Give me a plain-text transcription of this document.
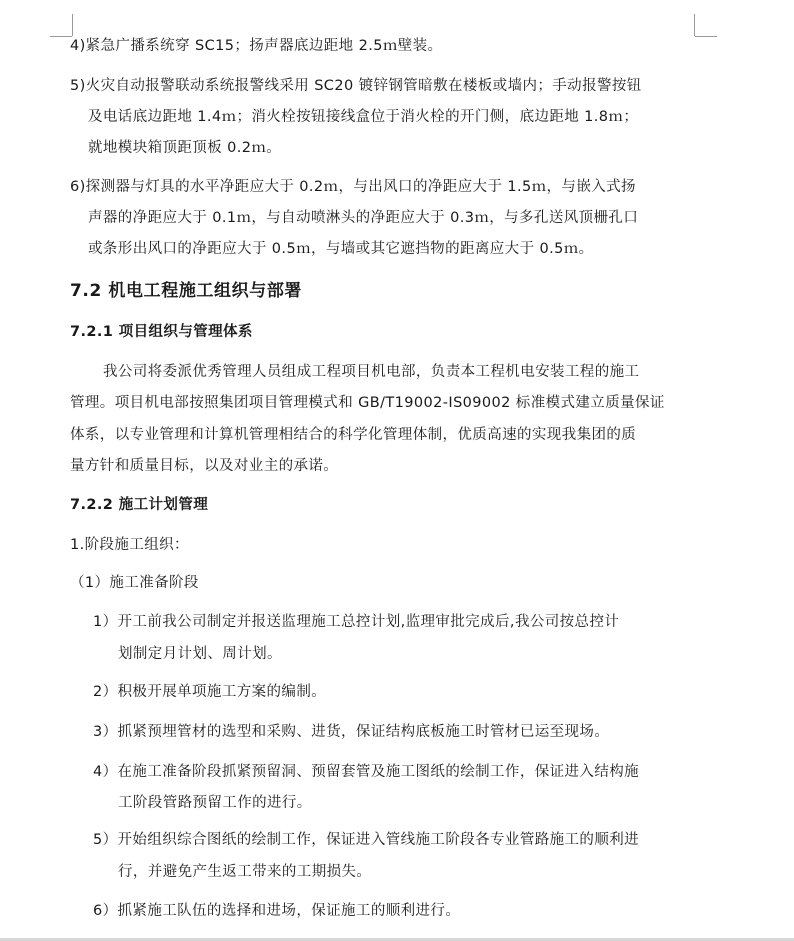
4)紧急广播系统穿 SC15；扬声器底边距地 2.5ｍ壁装。
5)火灾自动报警联动系统报警线采用 SC20 镀锌钢管暗敷在楼板或墙内；手动报警按钮
及电话底边距地 1.4ｍ；消火栓按钮接线盒位于消火栓的开门侧，底边距地 1.8ｍ；
就地模块箱顶距顶板 0.2ｍ。
6)探测器与灯具的水平净距应大于 0.2ｍ，与出风口的净距应大于 1.5ｍ，与嵌入式扬
声器的净距应大于 0.1ｍ，与自动喷淋头的净距应大于 0.3ｍ，与多孔送风顶栅孔口
或条形出风口的净距应大于 0.5ｍ，与墙或其它遮挡物的距离应大于 0.5ｍ。
7.2 机电工程施工组织与部署
7.2.1 项目组织与管理体系
我公司将委派优秀管理人员组成工程项目机电部，负责本工程机电安装工程的施工
管理。项目机电部按照集团项目管理模式和 GB/T19002-IS09002 标准模式建立质量保证
体系，以专业管理和计算机管理相结合的科学化管理体制，优质高速的实现我集团的质
量方针和质量目标，以及对业主的承诺。
7.2.2 施工计划管理
1.阶段施工组织：
（1）施工准备阶段
1）开工前我公司制定并报送监理施工总控计划,监理审批完成后,我公司按总控计
划制定月计划、周计划。
2）积极开展单项施工方案的编制。
3）抓紧预埋管材的选型和采购、进货，保证结构底板施工时管材已运至现场。
4）在施工准备阶段抓紧预留洞、预留套管及施工图纸的绘制工作，保证进入结构施
工阶段管路预留工作的进行。
5）开始组织综合图纸的绘制工作，保证进入管线施工阶段各专业管路施工的顺利进
行，并避免产生返工带来的工期损失。
6）抓紧施工队伍的选择和进场，保证施工的顺利进行。
